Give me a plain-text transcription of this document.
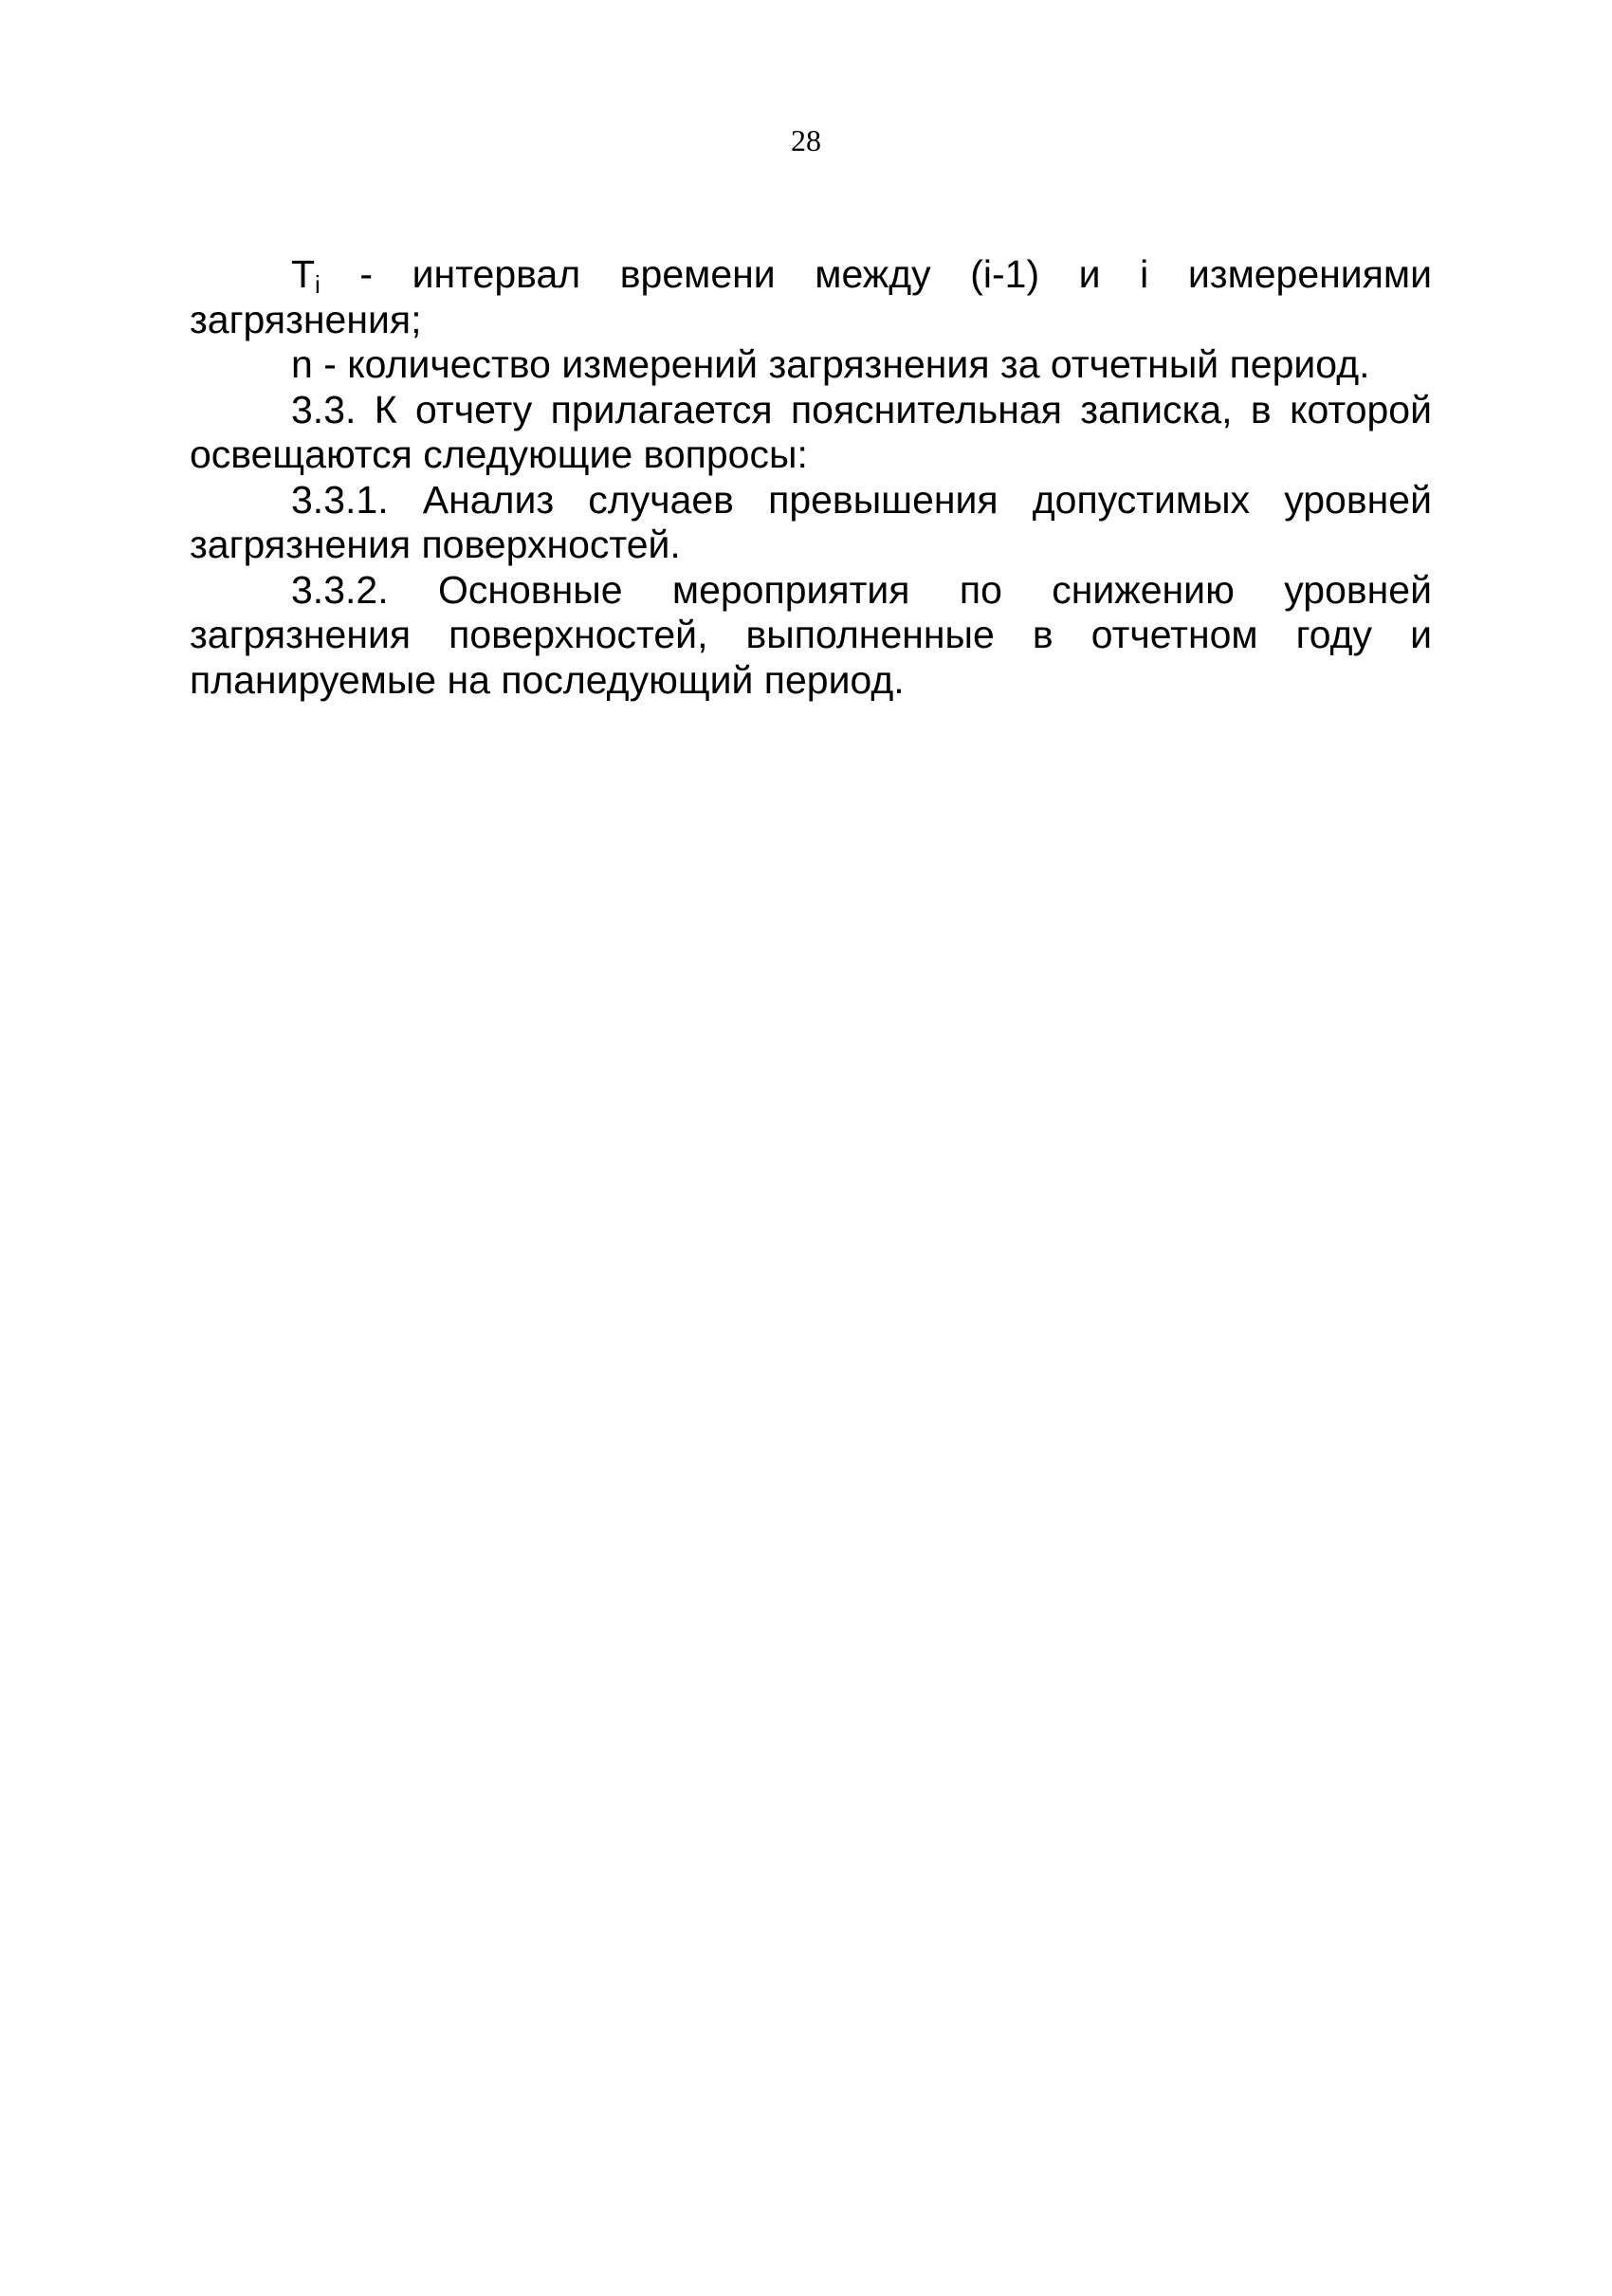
28

$T_i$ - интервал времени между (i-1) и i измерениями загрязнения;

n - количество измерений загрязнения за отчетный период.

3.3. К отчету прилагается пояснительная записка, в которой освещаются следующие вопросы:

3.3.1. Анализ случаев превышения допустимых уровней загрязнения поверхностей.

3.3.2. Основные мероприятия по снижению уровней загрязнения поверхностей, выполненные в отчетном году и планируемые на последующий период.
